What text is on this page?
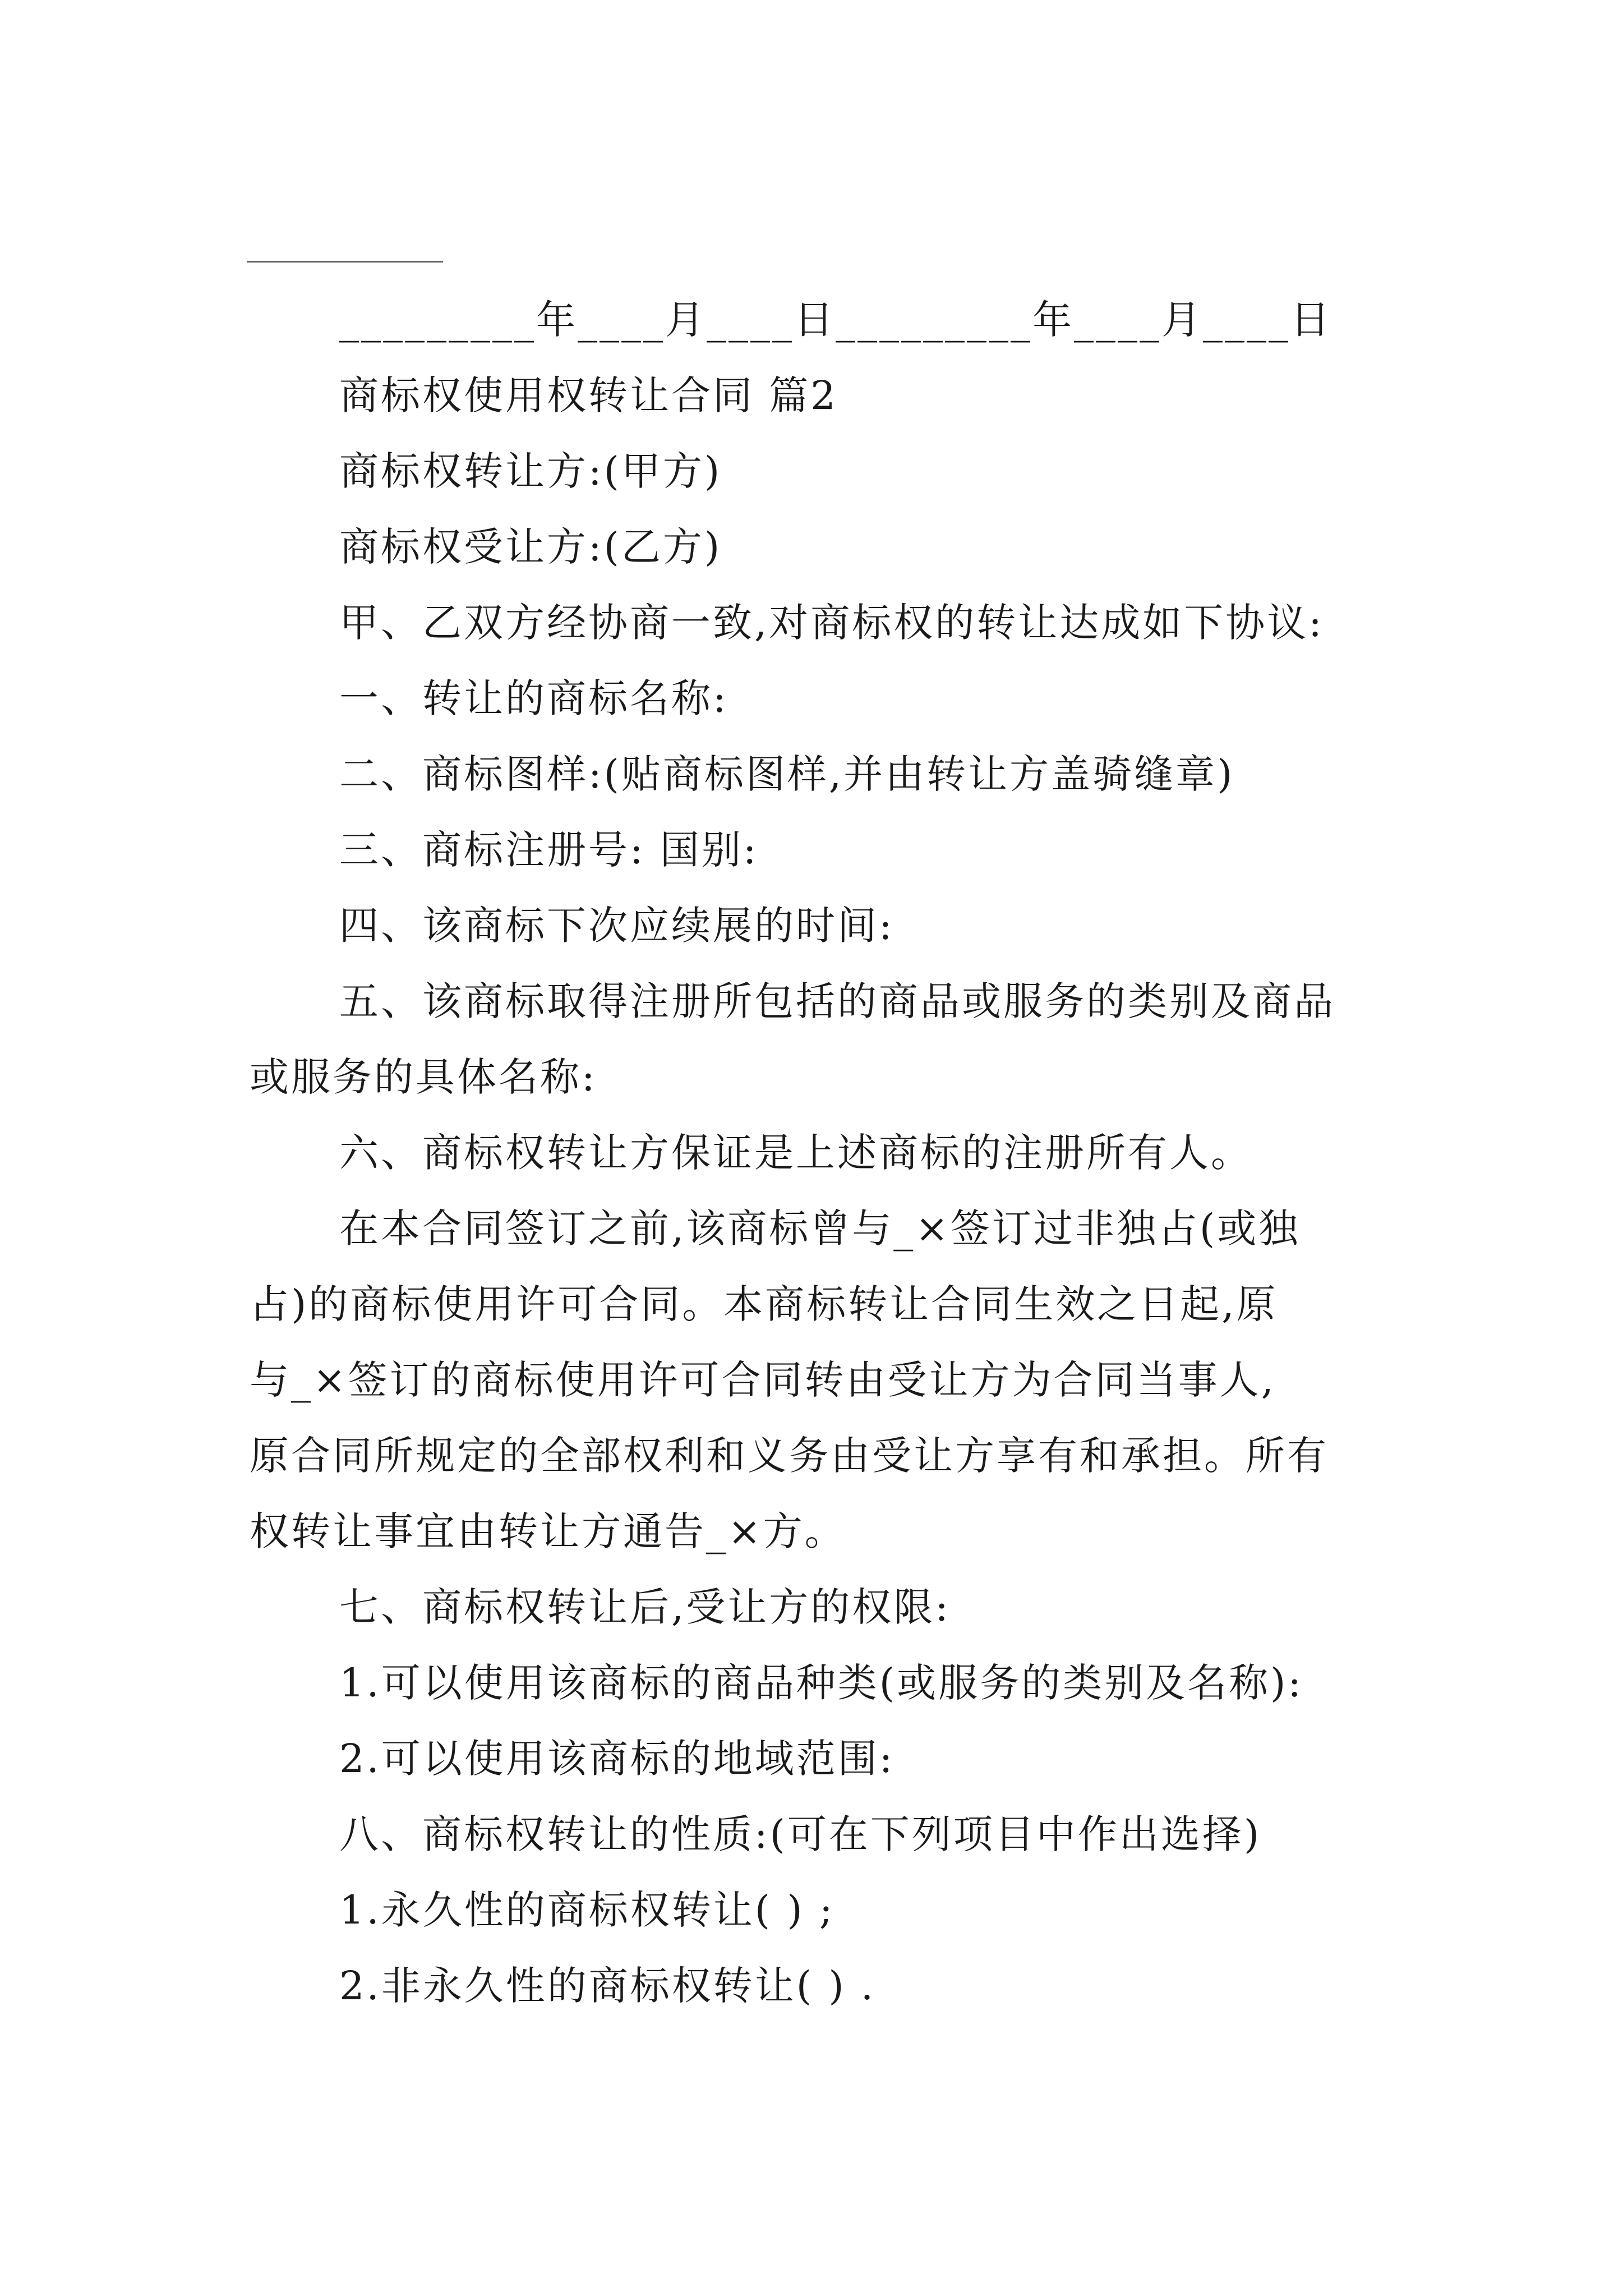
_________年____月____日_________年____月____日
商标权使用权转让合同 篇2
商标权转让方:(甲方)
商标权受让方:(乙方)
甲、乙双方经协商一致,对商标权的转让达成如下协议:
一、转让的商标名称:
二、商标图样:(贴商标图样,并由转让方盖骑缝章)
三、商标注册号: 国别:
四、该商标下次应续展的时间:
五、该商标取得注册所包括的商品或服务的类别及商品
或服务的具体名称:
六、商标权转让方保证是上述商标的注册所有人。
在本合同签订之前,该商标曾与_×签订过非独占(或独
占)的商标使用许可合同。本商标转让合同生效之日起,原
与_×签订的商标使用许可合同转由受让方为合同当事人,
原合同所规定的全部权利和义务由受让方享有和承担。所有
权转让事宜由转让方通告_×方。
七、商标权转让后,受让方的权限:
1.可以使用该商标的商品种类(或服务的类别及名称):
2.可以使用该商标的地域范围:
八、商标权转让的性质:(可在下列项目中作出选择)
1.永久性的商标权转让( ) ;
2.非永久性的商标权转让( ) .
